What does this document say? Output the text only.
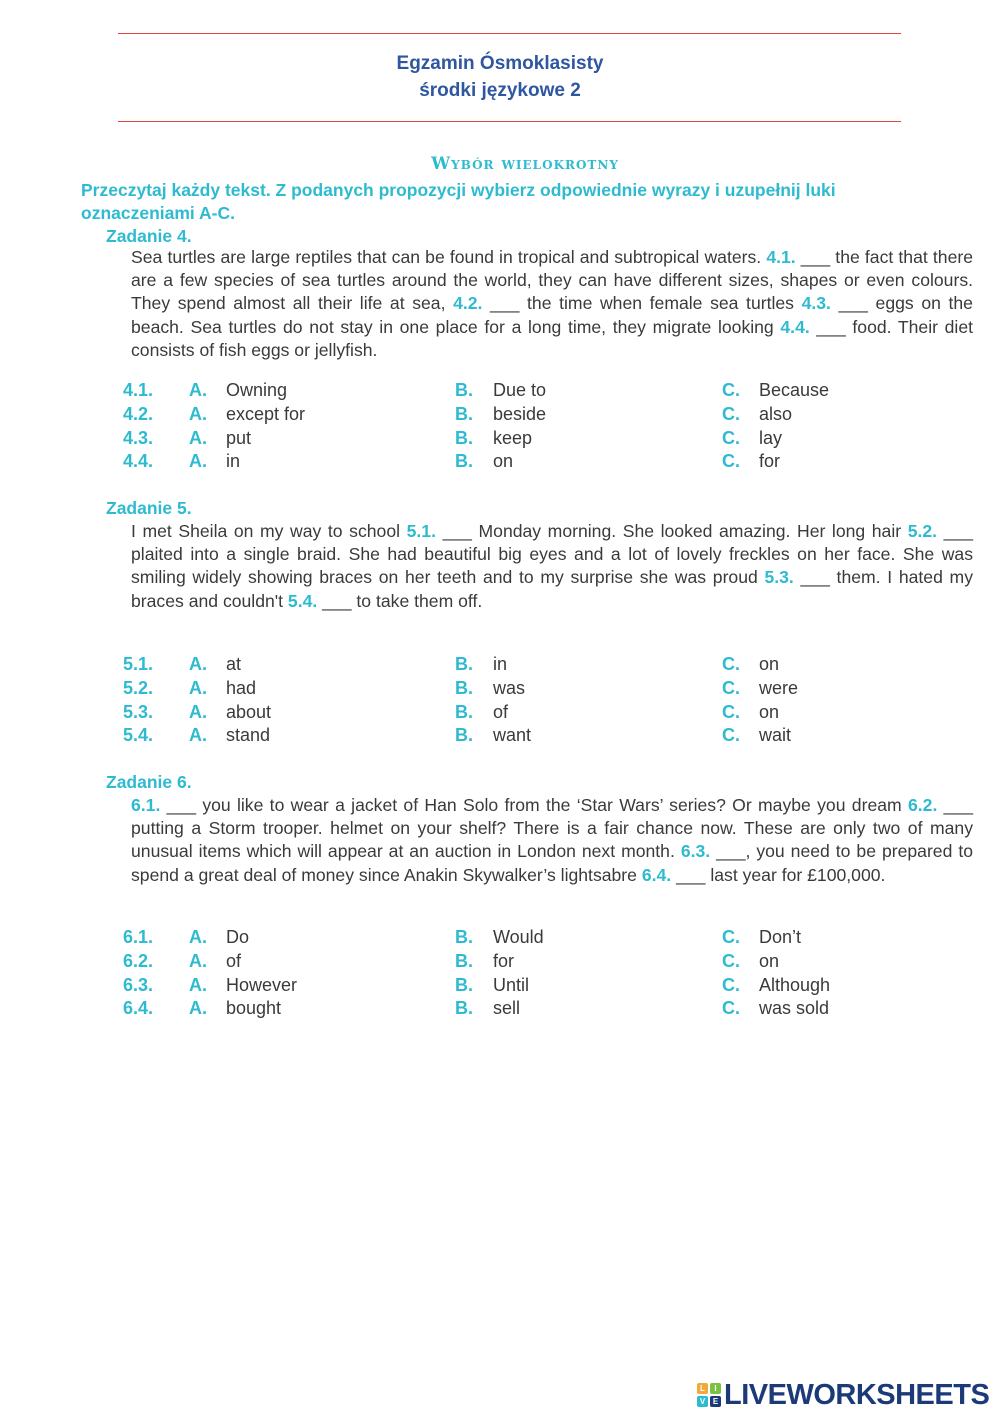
Egzamin Ósmoklasisty
środki językowe 2
Wybór wielokrotny
Przeczytaj każdy tekst. Z podanych propozycji wybierz odpowiednie wyrazy i uzupełnij luki oznaczeniami A-C.
Zadanie 4.
Sea turtles are large reptiles that can be found in tropical and subtropical waters. 4.1. ___ the fact that there are a few species of sea turtles around the world, they can have different sizes, shapes or even colours. They spend almost all their life at sea, 4.2. ___ the time when female sea turtles 4.3. ___ eggs on the beach. Sea turtles do not stay in one place for a long time, they migrate looking 4.4. ___ food. Their diet consists of fish eggs or jellyfish.
4.1. A. Owning	B. Due to	C. Because
4.2. A. except for	B. beside	C. also
4.3. A. put	B. keep	C. lay
4.4. A. in	B. on	C. for
Zadanie 5.
I met Sheila on my way to school 5.1. ___ Monday morning. She looked amazing. Her long hair 5.2. ___ plaited into a single braid. She had beautiful big eyes and a lot of lovely freckles on her face. She was smiling widely showing braces on her teeth and to my surprise she was proud 5.3. ___ them. I hated my braces and couldn't 5.4. ___ to take them off.
5.1. A. at	B. in	C. on
5.2. A. had	B. was	C. were
5.3. A. about	B. of	C. on
5.4. A. stand	B. want	C. wait
Zadanie 6.
6.1. ___ you like to wear a jacket of Han Solo from the ‘Star Wars’ series? Or maybe you dream 6.2. ___ putting a Storm trooper. helmet on your shelf? There is a fair chance now. These are only two of many unusual items which will appear at an auction in London next month. 6.3. ___, you need to be prepared to spend a great deal of money since Anakin Skywalker’s lightsabre 6.4. ___ last year for £100,000.
6.1. A. Do	B. Would	C. Don’t
6.2. A. of	B. for	C. on
6.3. A. However	B. Until	C. Although
6.4. A. bought	B. sell	C. was sold
L	I
V E LIVEWORKSHEETS
